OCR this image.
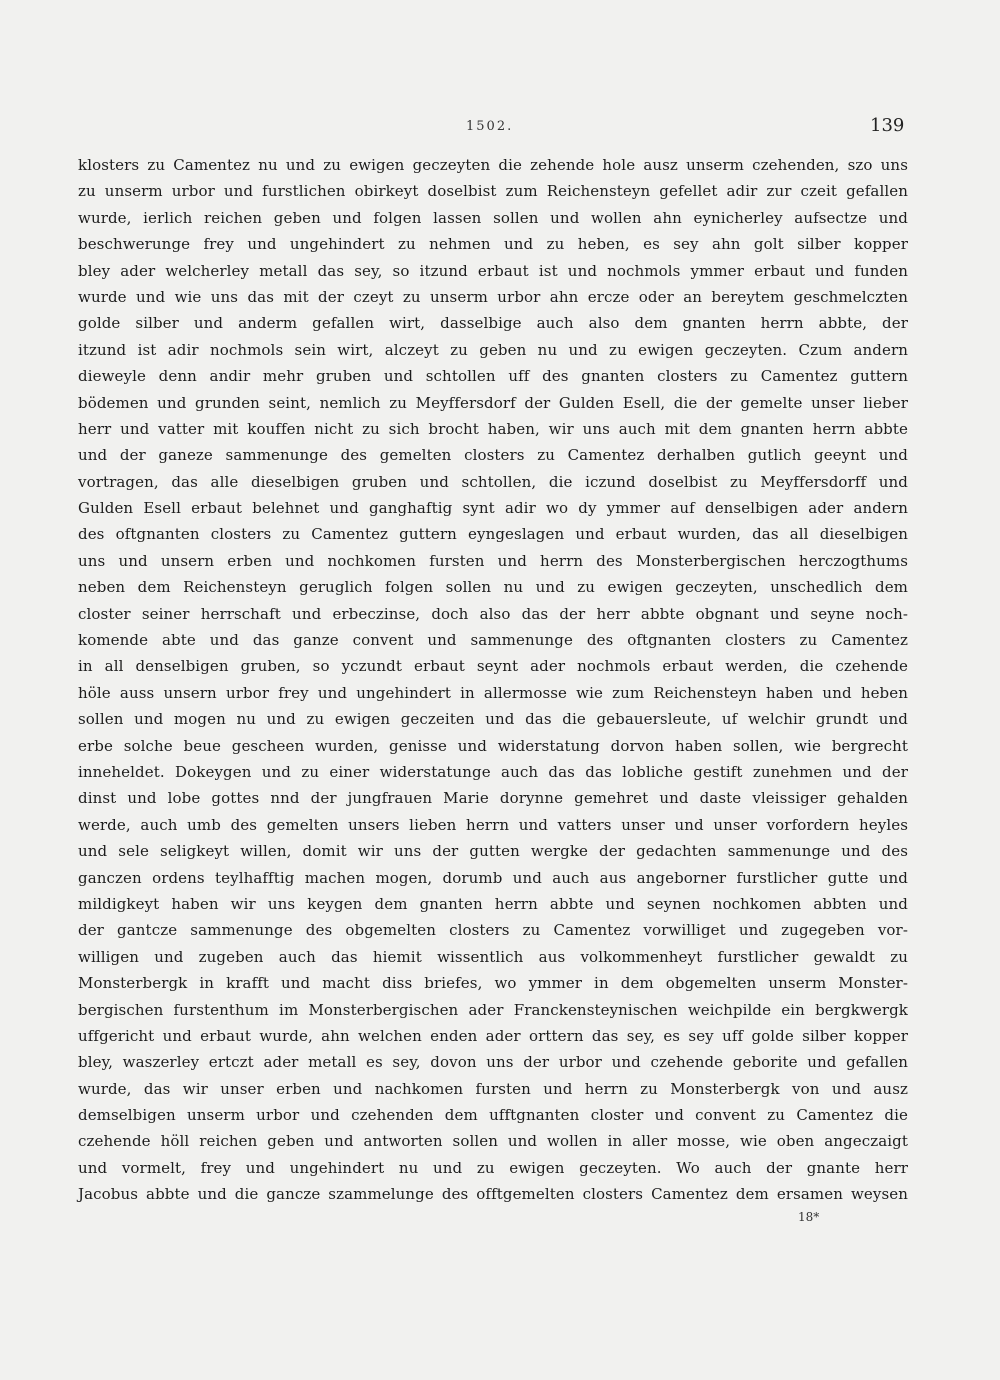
1502.	139
klosters zu Camentez nu und zu ewigen geczeyten die zehende hole ausz unserm czehenden, szo uns
zu unserm urbor und furstlichen obirkeyt doselbist zum Reichensteyn gefellet adir zur czeit gefallen
wurde, ierlich reichen geben und folgen lassen sollen und wollen ahn eynicherley aufsectze und
beschwerunge frey und ungehindert zu nehmen und zu heben, es sey ahn golt silber kopper
bley ader welcherley metall das sey, so itzund erbaut ist und nochmols ymmer erbaut und funden
wurde und wie uns das mit der czeyt zu unserm urbor ahn ercze oder an bereytem geschmelczten
golde silber und anderm gefallen wirt, dasselbige auch also dem gnanten herrn abbte, der
itzund ist adir nochmols sein wirt, alczeyt zu geben nu und zu ewigen geczeyten. Czum andern
dieweyle denn andir mehr gruben und schtollen uff des gnanten closters zu Camentez guttern
bödemen und grunden seint, nemlich zu Meyffersdorf der Gulden Esell, die der gemelte unser lieber
herr und vatter mit kouffen nicht zu sich brocht haben, wir uns auch mit dem gnanten herrn abbte
und der ganeze sammenunge des gemelten closters zu Camentez derhalben gutlich geeynt und
vortragen, das alle dieselbigen gruben und schtollen, die iczund doselbist zu Meyffersdorff und
Gulden Esell erbaut belehnet und ganghaftig synt adir wo dy ymmer auf denselbigen ader andern
des oftgnanten closters zu Camentez guttern eyngeslagen und erbaut wurden, das all dieselbigen
uns und unsern erben und nochkomen fursten und herrn des Monsterbergischen herczogthums
neben dem Reichensteyn geruglich folgen sollen nu und zu ewigen geczeyten, unschedlich dem
closter seiner herrschaft und erbeczinse, doch also das der herr abbte obgnant und seyne noch-
komende abte und das ganze convent und sammenunge des oftgnanten closters zu Camentez
in all denselbigen gruben, so yczundt erbaut seynt ader nochmols erbaut werden, die czehende
höle auss unsern urbor frey und ungehindert in allermosse wie zum Reichensteyn haben und heben
sollen und mogen nu und zu ewigen geczeiten und das die gebauersleute, uf welchir grundt und
erbe solche beue gescheen wurden, genisse und widerstatung dorvon haben sollen, wie bergrecht
inneheldet. Dokeygen und zu einer widerstatunge auch das das lobliche gestift zunehmen und der
dinst und lobe gottes nnd der jungfrauen Marie dorynne gemehret und daste vleissiger gehalden
werde, auch umb des gemelten unsers lieben herrn und vatters unser und unser vorfordern heyles
und sele seligkeyt willen, domit wir uns der gutten wergke der gedachten sammenunge und des
ganczen ordens teylhafftig machen mogen, dorumb und auch aus angeborner furstlicher gutte und
mildigkeyt haben wir uns keygen dem gnanten herrn abbte und seynen nochkomen abbten und
der gantcze sammenunge des obgemelten closters zu Camentez vorwilliget und zugegeben vor-
willigen und zugeben auch das hiemit wissentlich aus volkommenheyt furstlicher gewaldt zu
Monsterbergk in krafft und macht diss briefes, wo ymmer in dem obgemelten unserm Monster-
bergischen furstenthum im Monsterbergischen ader Franckensteynischen weichpilde ein bergkwergk
uffgericht und erbaut wurde, ahn welchen enden ader orttern das sey, es sey uff golde silber kopper
bley, waszerley ertczt ader metall es sey, dovon uns der urbor und czehende geborite und gefallen
wurde, das wir unser erben und nachkomen fursten und herrn zu Monsterbergk von und ausz
demselbigen unserm urbor und czehenden dem ufftgnanten closter und convent zu Camentez die
czehende höll reichen geben und antworten sollen und wollen in aller mosse, wie oben angeczaigt
und vormelt, frey und ungehindert nu und zu ewigen geczeyten. Wo auch der gnante herr
Jacobus abbte und die gancze szammelunge des offtgemelten closters Camentez dem ersamen weysen
18*
